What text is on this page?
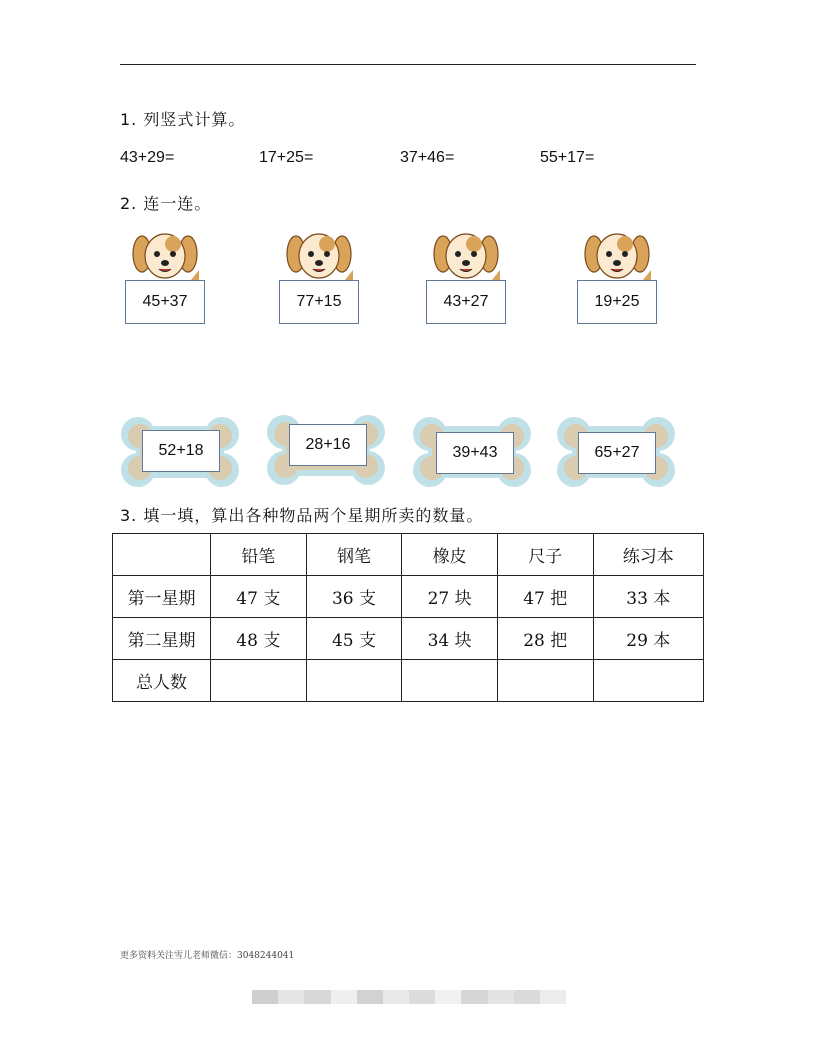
1. 列竖式计算。
43+29=	17+25=	37+46=	55+17=
2. 连一连。
45+37	77+15	43+27	19+25
52+18	28+16	39+43	65+27
3. 填一填，算出各种物品两个星期所卖的数量。
	铅笔	钢笔	橡皮	尺子	练习本
第一星期	47 支	36 支	27 块	47 把	33 本
第二星期	48 支	45 支	34 块	28 把	29 本
总人数					
更多资料关注雪儿老师微信：3048244041
